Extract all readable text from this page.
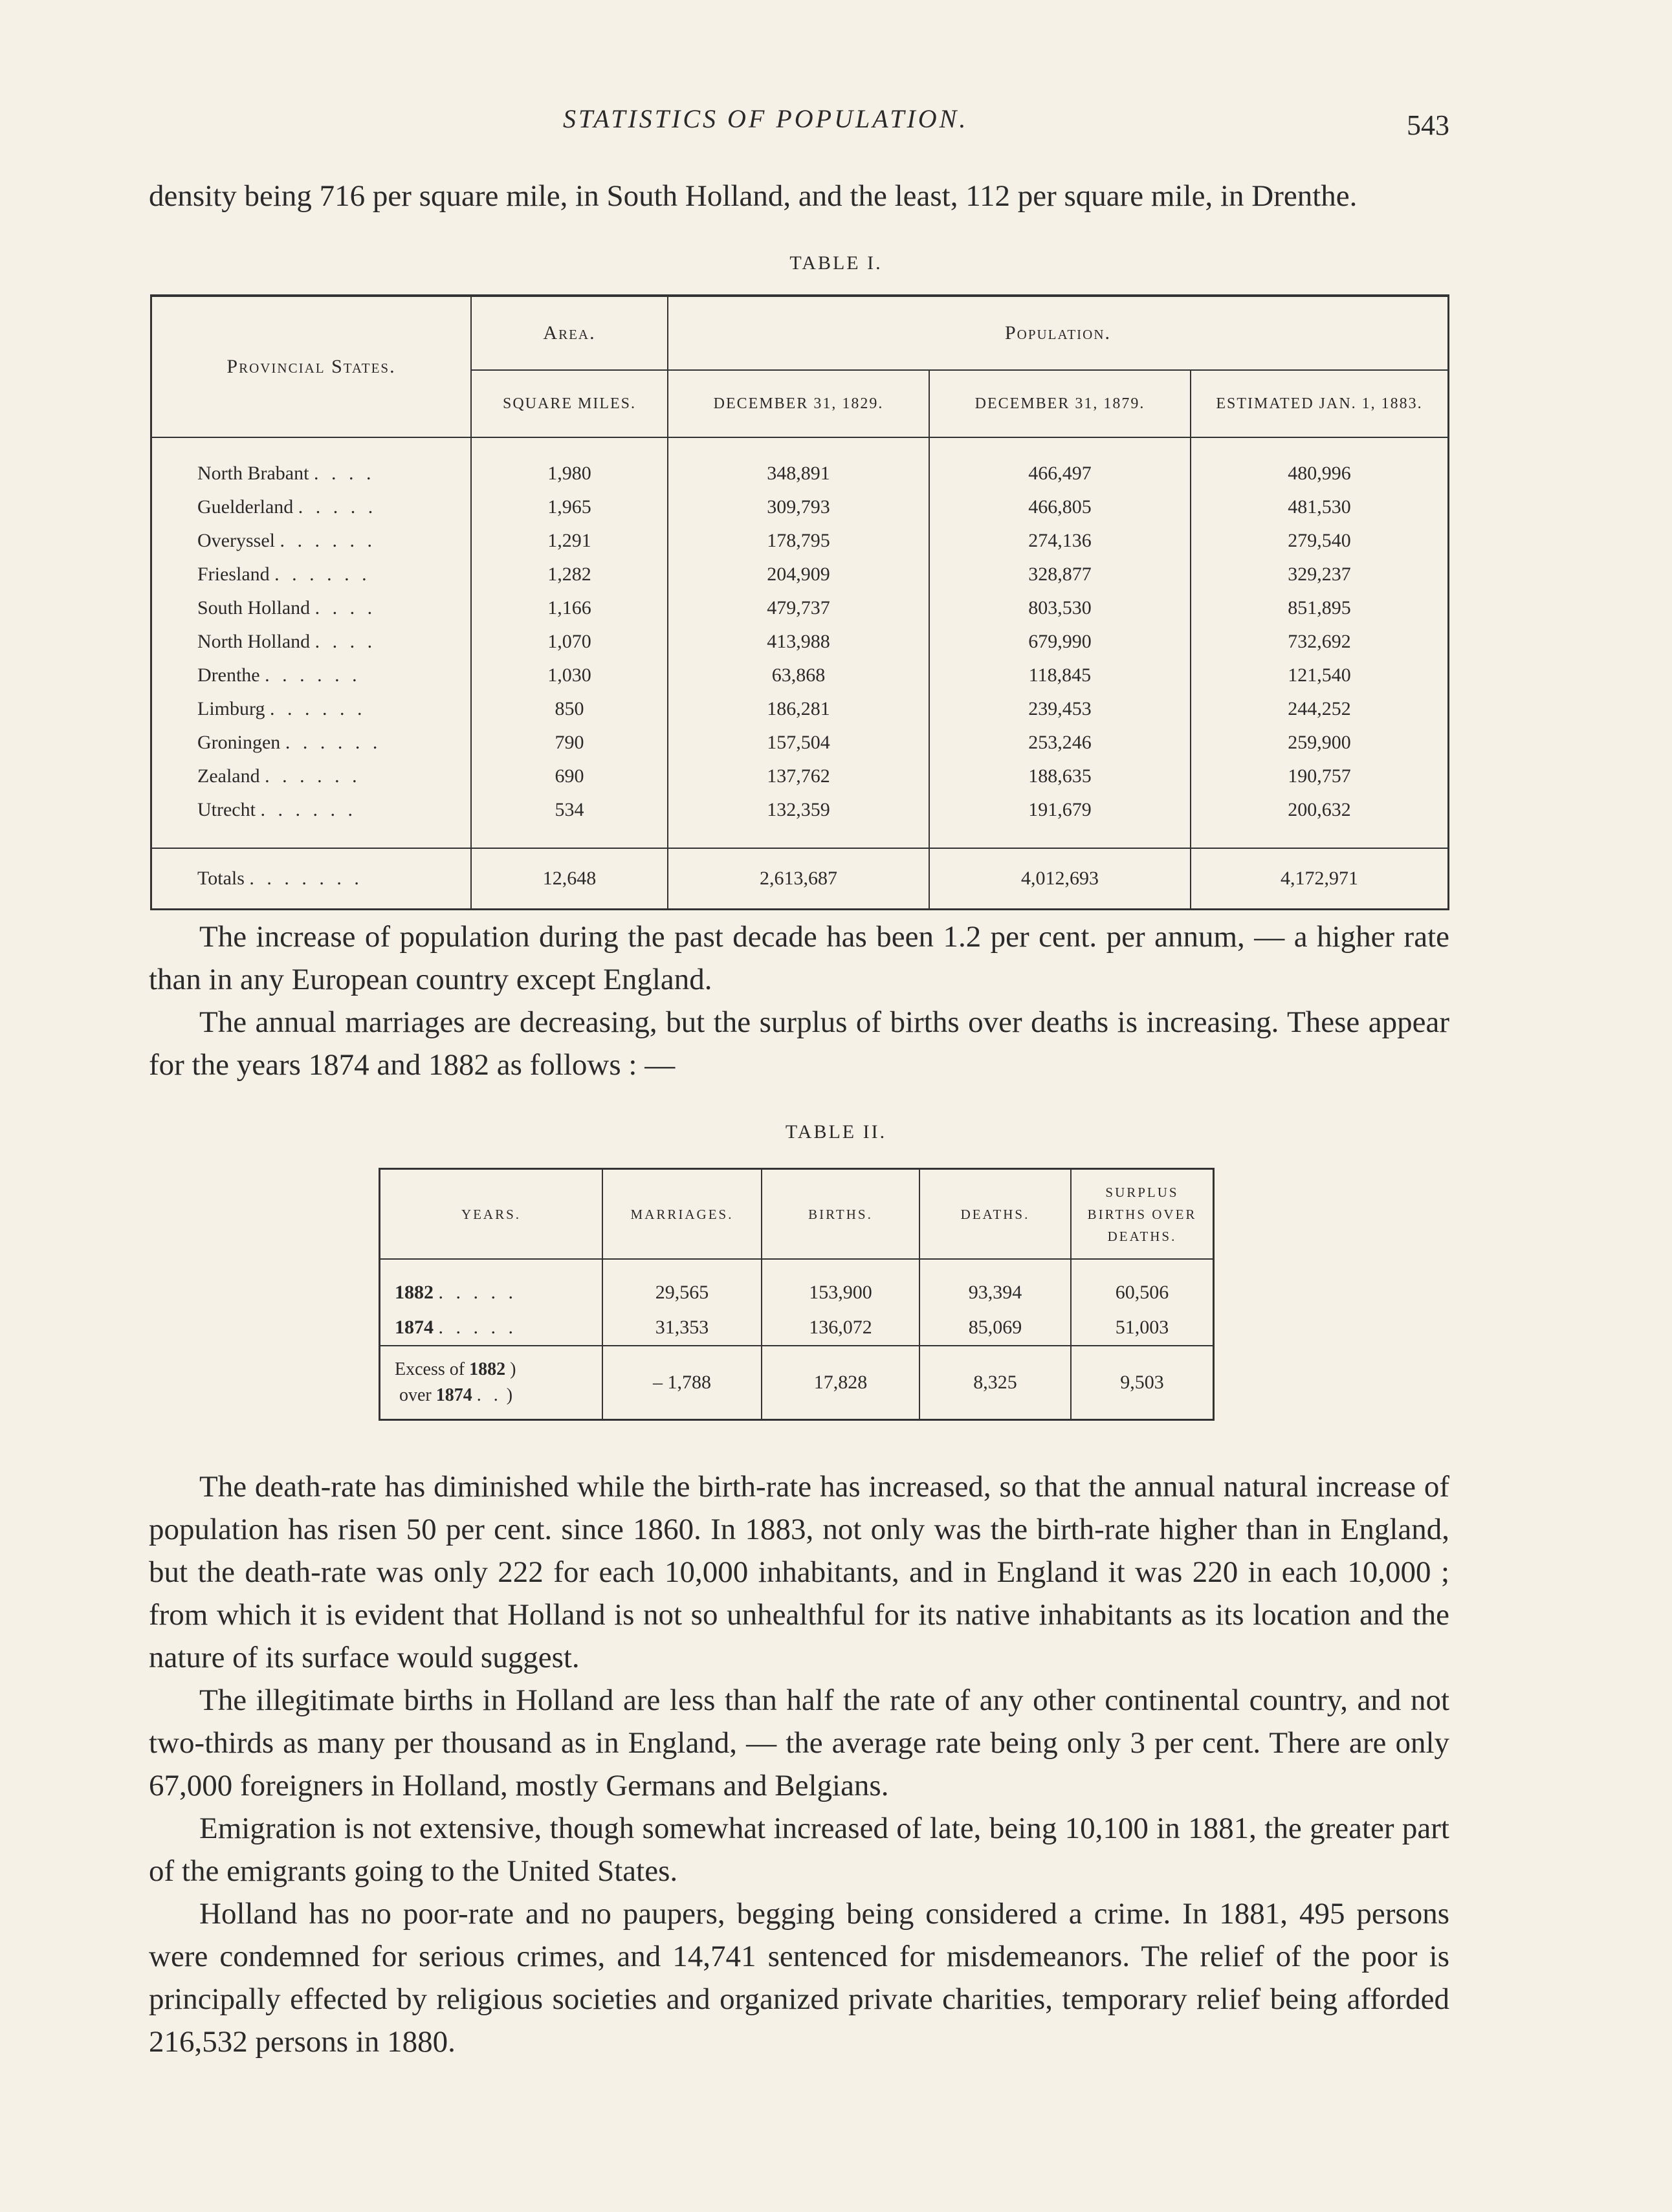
STATISTICS OF POPULATION.	543

density being 716 per square mile, in South Holland, and the least, 112 per square mile, in Drenthe.

TABLE I.
Provincial States.	Area.	Population.		
	SQUARE MILES.	DECEMBER 31, 1829.	DECEMBER 31, 1879.	ESTIMATED JAN. 1, 1883.
North Brabant . . . .	1,980	348,891	466,497	480,996
Guelderland . . . . .	1,965	309,793	466,805	481,530
Overyssel . . . . . .	1,291	178,795	274,136	279,540
Friesland . . . . . .	1,282	204,909	328,877	329,237
South Holland . . . .	1,166	479,737	803,530	851,895
North Holland . . . .	1,070	413,988	679,990	732,692
Drenthe . . . . . .	1,030	63,868	118,845	121,540
Limburg . . . . . .	850	186,281	239,453	244,252
Groningen . . . . . .	790	157,504	253,246	259,900
Zealand . . . . . .	690	137,762	188,635	190,757
Utrecht . . . . . .	534	132,359	191,679	200,632

Totals . . . . . . .	12,648	2,613,687	4,012,693	4,172,971

The increase of population during the past decade has been 1.2 per cent. per annum, — a higher rate than in any European country except England.

The annual marriages are decreasing, but the surplus of births over deaths is increasing. These appear for the years 1874 and 1882 as follows : —

TABLE II.
YEARS.	MARRIAGES.	BIRTHS.	DEATHS.	SURPLUS
BIRTHS OVER
DEATHS.
1882 . . . . .	29,565	153,900	93,394	60,506
1874 . . . . .	31,353	136,072	85,069	51,003
Excess of 1882 )
over 1874 . . )	– 1,788	17,828	8,325	9,503

The death-rate has diminished while the birth-rate has increased, so that the annual natural increase of population has risen 50 per cent. since 1860. In 1883, not only was the birth-rate higher than in England, but the death-rate was only 222 for each 10,000 inhabitants, and in England it was 220 in each 10,000 ; from which it is evident that Holland is not so unhealthful for its native inhabitants as its location and the nature of its surface would suggest.

The illegitimate births in Holland are less than half the rate of any other continental country, and not two-thirds as many per thousand as in England, — the average rate being only 3 per cent. There are only 67,000 foreigners in Holland, mostly Germans and Belgians.

Emigration is not extensive, though somewhat increased of late, being 10,100 in 1881, the greater part of the emigrants going to the United States.

Holland has no poor-rate and no paupers, begging being considered a crime. In 1881, 495 persons were condemned for serious crimes, and 14,741 sentenced for misdemeanors. The relief of the poor is principally effected by religious societies and organized private charities, temporary relief being afforded 216,532 persons in 1880.
